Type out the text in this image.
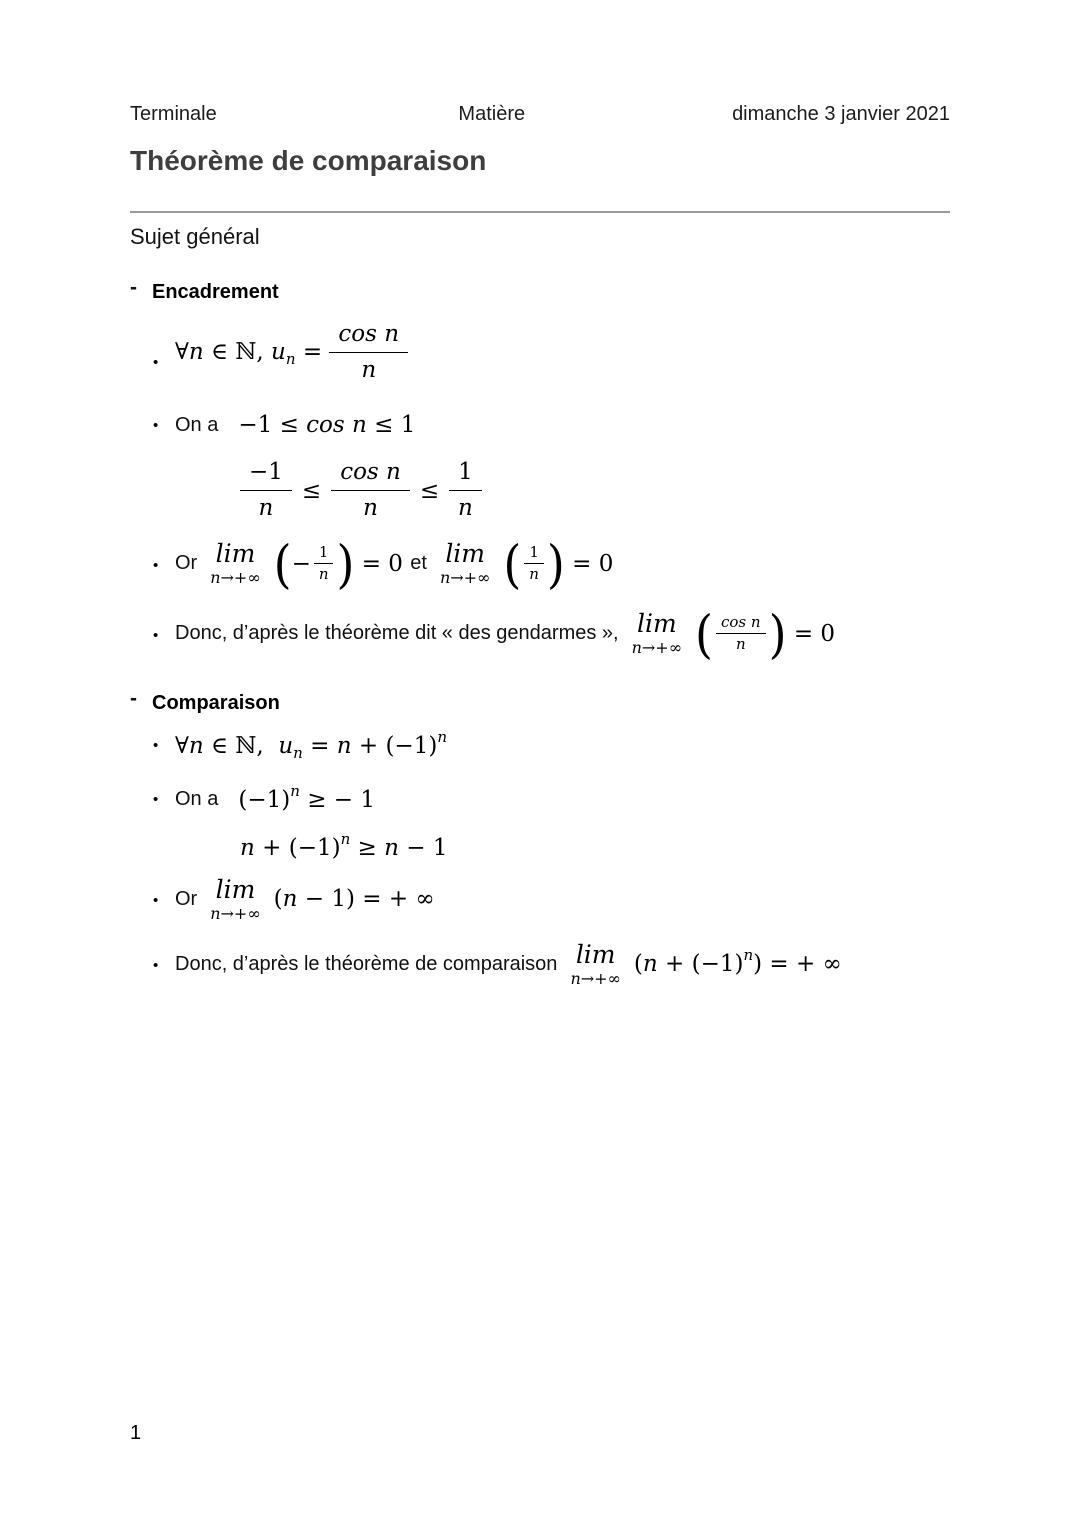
Terminale	Matière	dimanche 3 janvier 2021
Théorème de comparaison
Sujet général
- Encadrement
• ∀ n ∈ ℕ, u $n = \frac{\text{cos n}}{n}$
• On a −1 ≤ cos n ≤ 1
$\frac{-1}{n} \le \frac{\text{cos n}}{n} \le \frac{1}{n}$
• Or lim
n→+∞ ( − $\frac{1}{n}$ ) = 0 et lim
n→+∞ ( $\frac{1}{n}$ ) = 0
• Donc, d’après le théorème dit « des gendarmes », lim
n→+∞ ( $\frac{\text{cos n}}{n}$ ) = 0
- Comparaison
• ∀ n ∈ ℕ, u n = n + (−1) n
• On a (−1) n ≥ − 1
n + (−1) n ≥ n − 1
• Or lim
n→+∞
( n − 1) = + ∞
• Donc, d’après le théorème de comparaison lim
n→+∞
( n + (−1) n ) = + ∞
1
